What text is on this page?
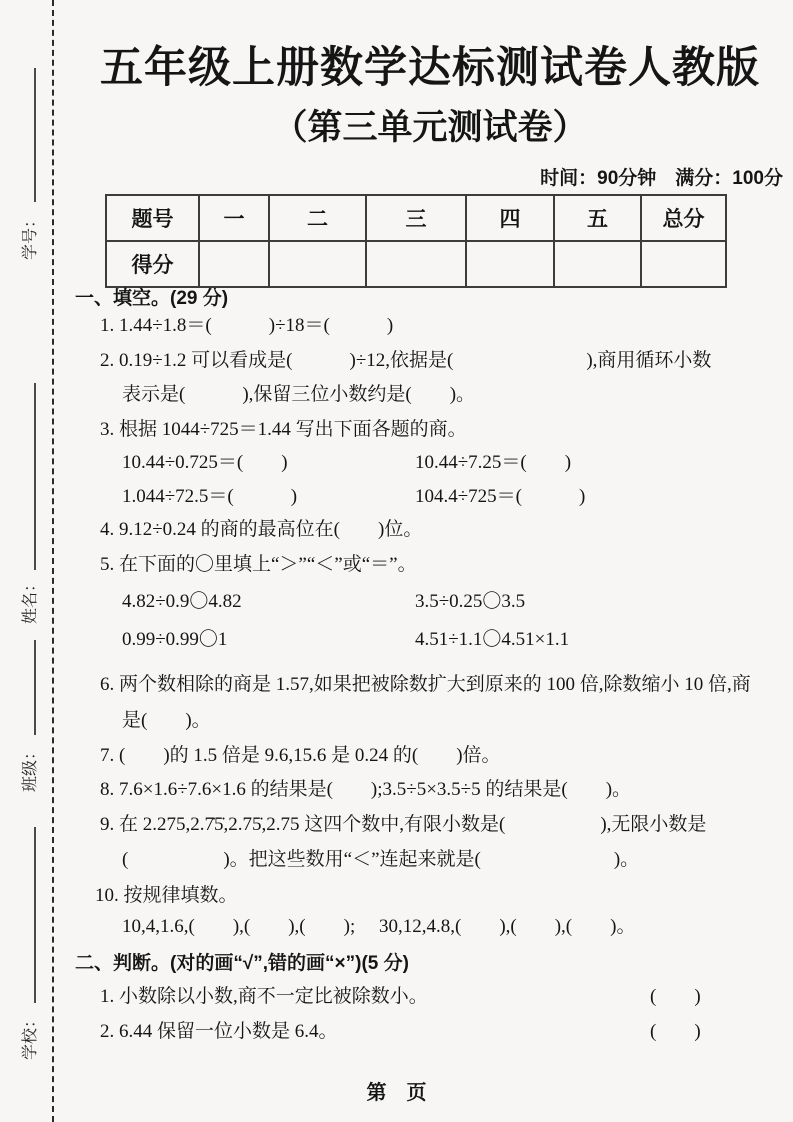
学号：
姓名：
班级：
学校：
五年级上册数学达标测试卷人教版
（第三单元测试卷）
时间：90分钟　满分：100分
题号	一	二	三	四	五	总分
得分						
一、填空。(29 分)
1. 1.44÷1.8＝(　　　)÷18＝(　　　)
2. 0.19÷1.2 可以看成是(　　　)÷12,依据是(　　　　　　　),商用循环小数
表示是(　　　),保留三位小数约是(　　)。
3. 根据 1044÷725＝1.44 写出下面各题的商。
10.44÷0.725＝(　　)	10.44÷7.25＝(　　)
1.044÷72.5＝(　　　)	104.4÷725＝(　　　)
4. 9.12÷0.24 的商的最高位在(　　)位。
5. 在下面的〇里填上“＞”“＜”或“＝”。
4.82÷0.9〇4.82	3.5÷0.25〇3.5
0.99÷0.99〇1	4.51÷1.1〇4.51×1.1
6. 两个数相除的商是 1.57,如果把被除数扩大到原来的 100 倍,除数缩小 10 倍,商
是(　　)。
7. (　　)的 1.5 倍是 9.6,15.6 是 0.24 的(　　)倍。
8. 7.6×1.6÷7.6×1.6 的结果是(　　);3.5÷5×3.5÷5 的结果是(　　)。
9. 在 2.275,2.7̇5̇,2.75̇,2.75 这四个数中,有限小数是(　　　　　),无限小数是
(　　　　　)。把这些数用“＜”连起来就是(　　　　　　　)。
10. 按规律填数。
10,4,1.6,(　　),(　　),(　　);　 30,12,4.8,(　　),(　　),(　　)。
二、判断。(对的画“√”,错的画“×”)(5 分)
1. 小数除以小数,商不一定比被除数小。	(　　)
2. 6.44 保留一位小数是 6.4。	(　　)
第　页
